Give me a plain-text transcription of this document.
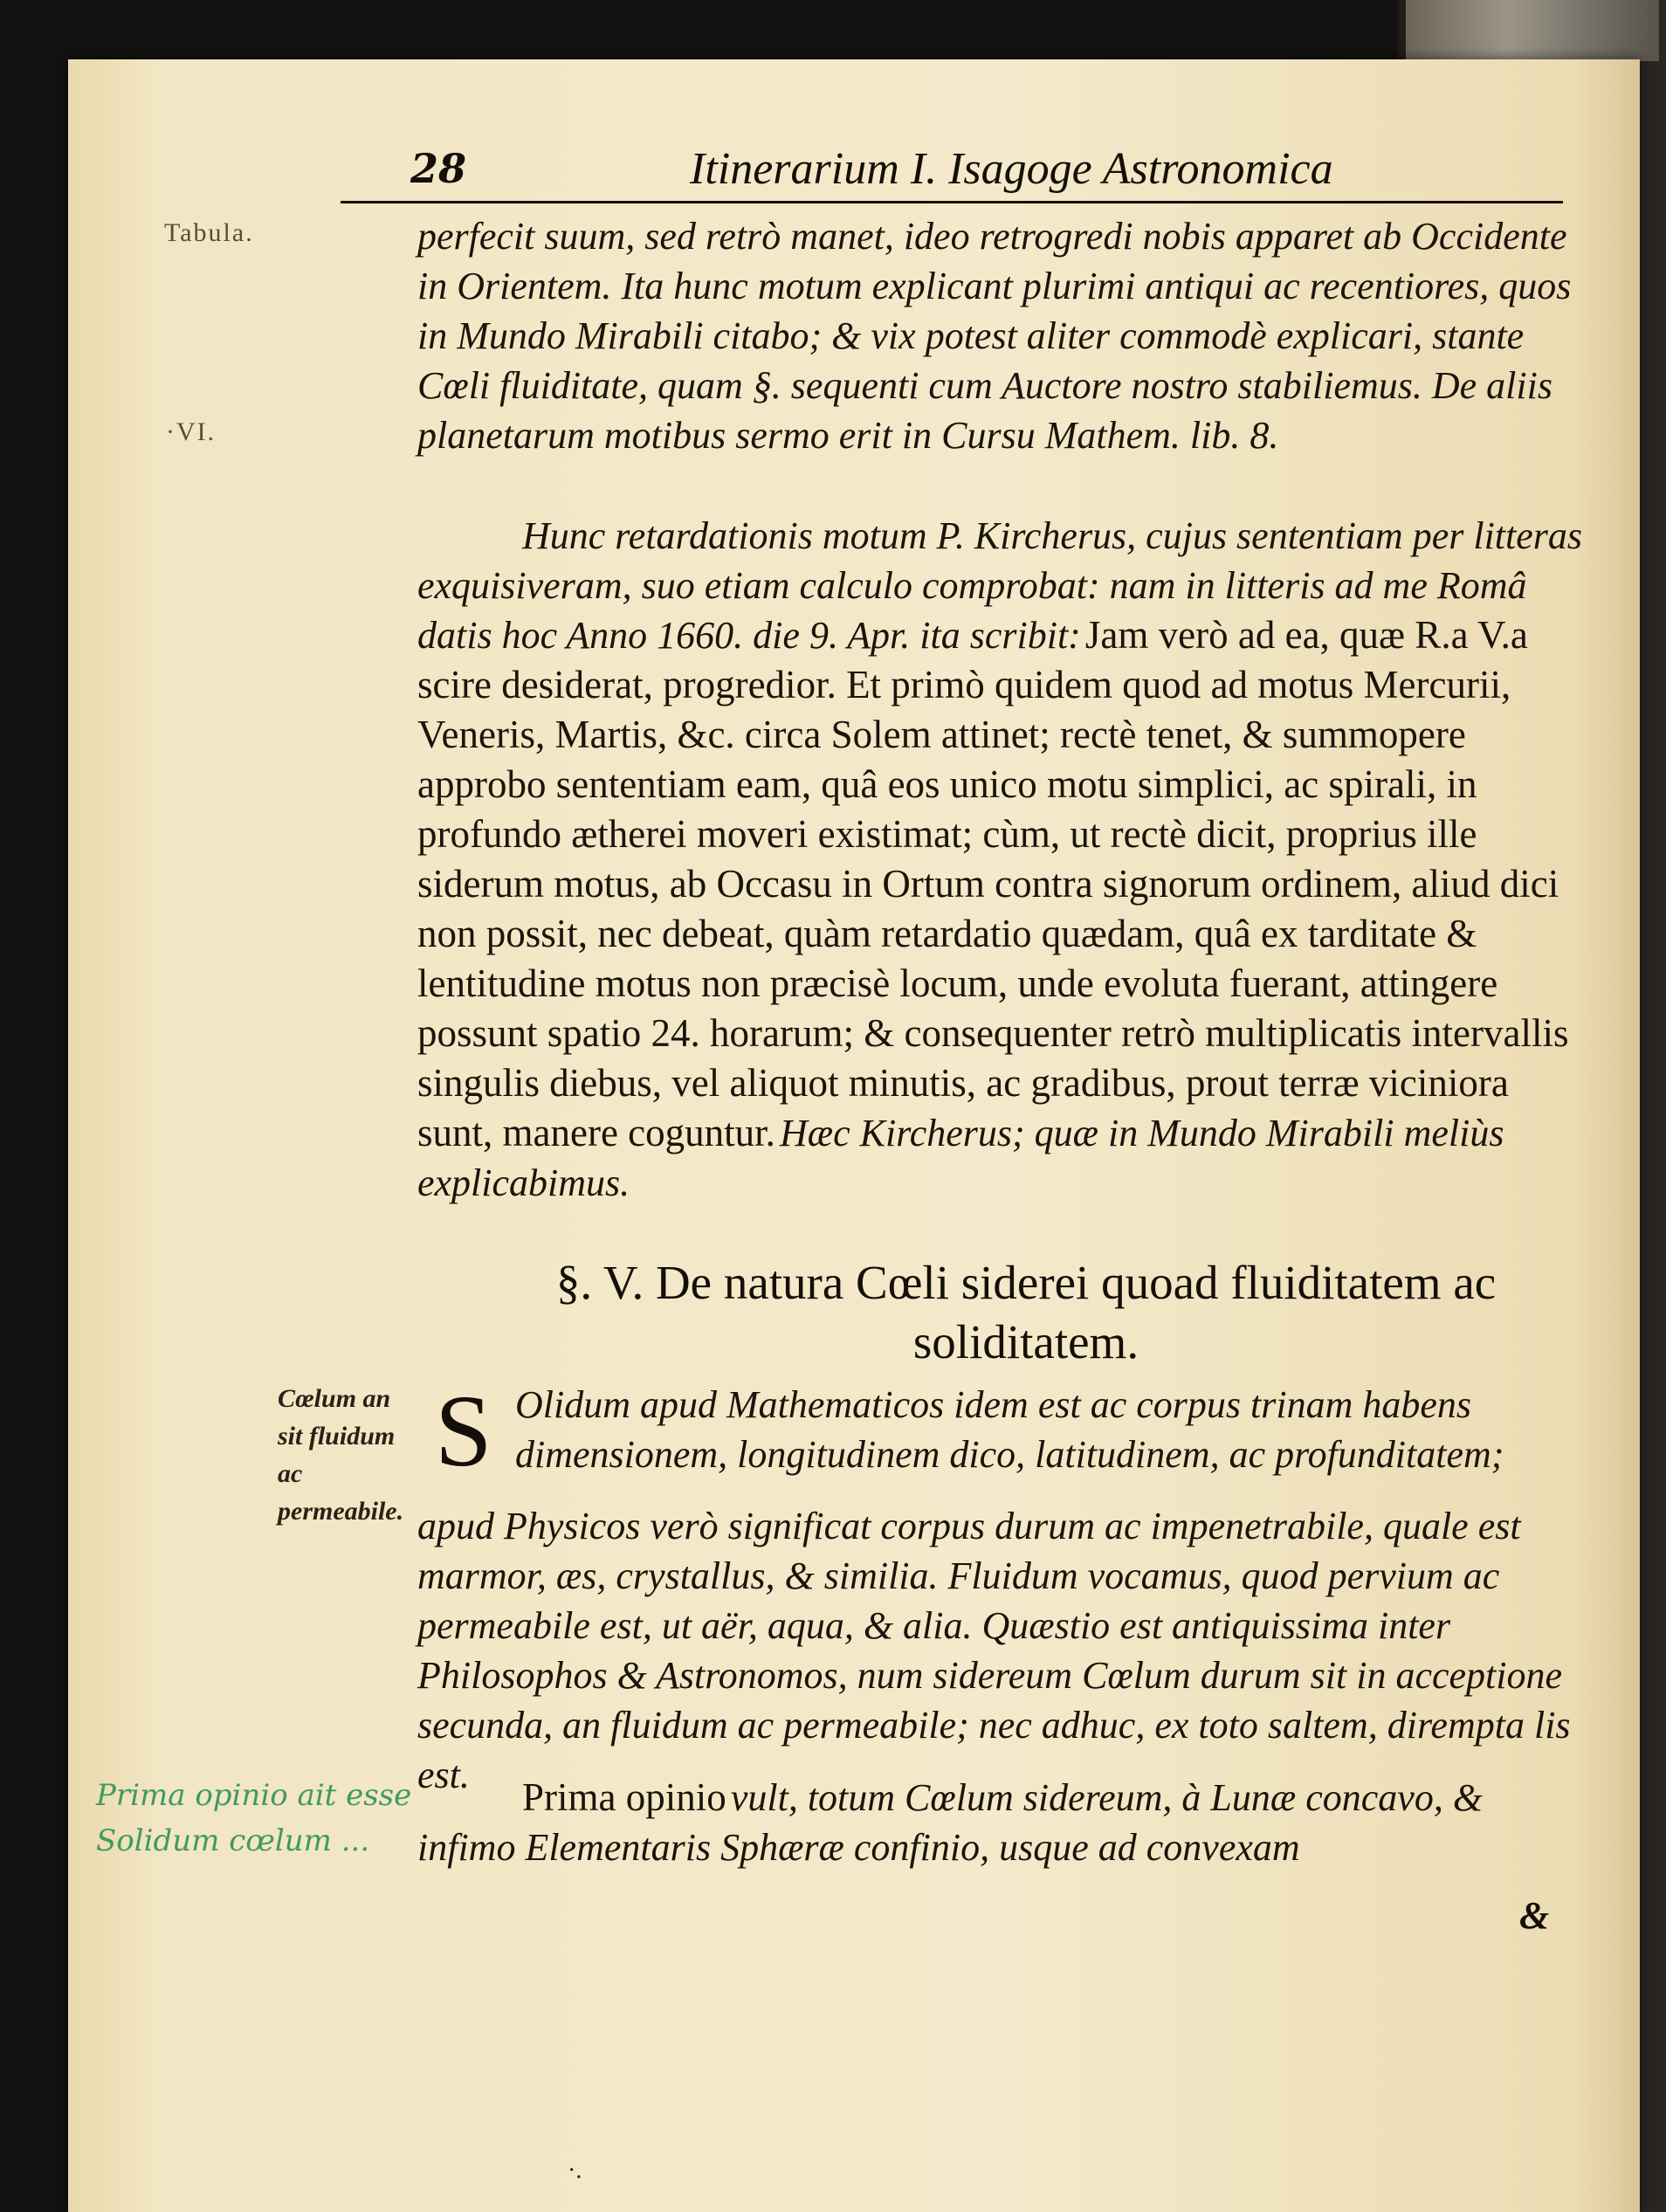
28	Itinerarium I. Isagoge Astronomica
Tabula.
·VI.

perfecit suum, sed retrò manet, ideo retrogredi nobis apparet ab Occidente in Orientem. Ita hunc motum explicant plurimi antiqui ac recentiores, quos in Mundo Mirabili citabo; & vix potest aliter commodè explicari, stante Cœli fluiditate, quam §. sequenti cum Auctore nostro stabiliemus. De aliis planetarum motibus sermo erit in Cursu Mathem. lib. 8.

Hunc retardationis motum P. Kircherus, cujus sententiam per litteras exquisiveram, suo etiam calculo comprobat: nam in litteris ad me Româ datis hoc Anno 1660. die 9. Apr. ita scribit: Jam verò ad ea, quæ R.a V.a scire desiderat, progredior. Et primò quidem quod ad motus Mercurii, Veneris, Martis, &c. circa Solem attinet; rectè tenet, & summopere approbo sententiam eam, quâ eos unico motu simplici, ac spirali, in profundo ætherei moveri existimat; cùm, ut rectè dicit, proprius ille siderum motus, ab Occasu in Ortum contra signorum ordinem, aliud dici non possit, nec debeat, quàm retardatio quædam, quâ ex tarditate & lentitudine motus non præcisè locum, unde evoluta fuerant, attingere possunt spatio 24. horarum; & consequenter retrò multiplicatis intervallis singulis diebus, vel aliquot minutis, ac gradibus, prout terræ viciniora sunt, manere coguntur. Hæc Kircherus; quæ in Mundo Mirabili meliùs explicabimus.

§. V. De natura Cœli siderei quoad fluiditatem ac soliditatem.
Cœlum an sit fluidum ac permeabile.
S Olidum apud Mathematicos idem est ac corpus trinam habens dimensionem, longitudinem dico, latitudinem, ac profunditatem;

apud Physicos verò significat corpus durum ac impenetrabile, quale est marmor, æs, crystallus, & similia. Fluidum vocamus, quod pervium ac permeabile est, ut aër, aqua, & alia. Quæstio est antiquissima inter Philosophos & Astronomos, num sidereum Cœlum durum sit in acceptione secunda, an fluidum ac permeabile; nec adhuc, ex toto saltem, dirempta lis est.

Prima opinio ait esse Solidum cœlum ...

Prima opinio vult, totum Cœlum sidereum, à Lunæ concavo, & infimo Elementaris Sphæræ confinio, usque ad convexam

&
·.
